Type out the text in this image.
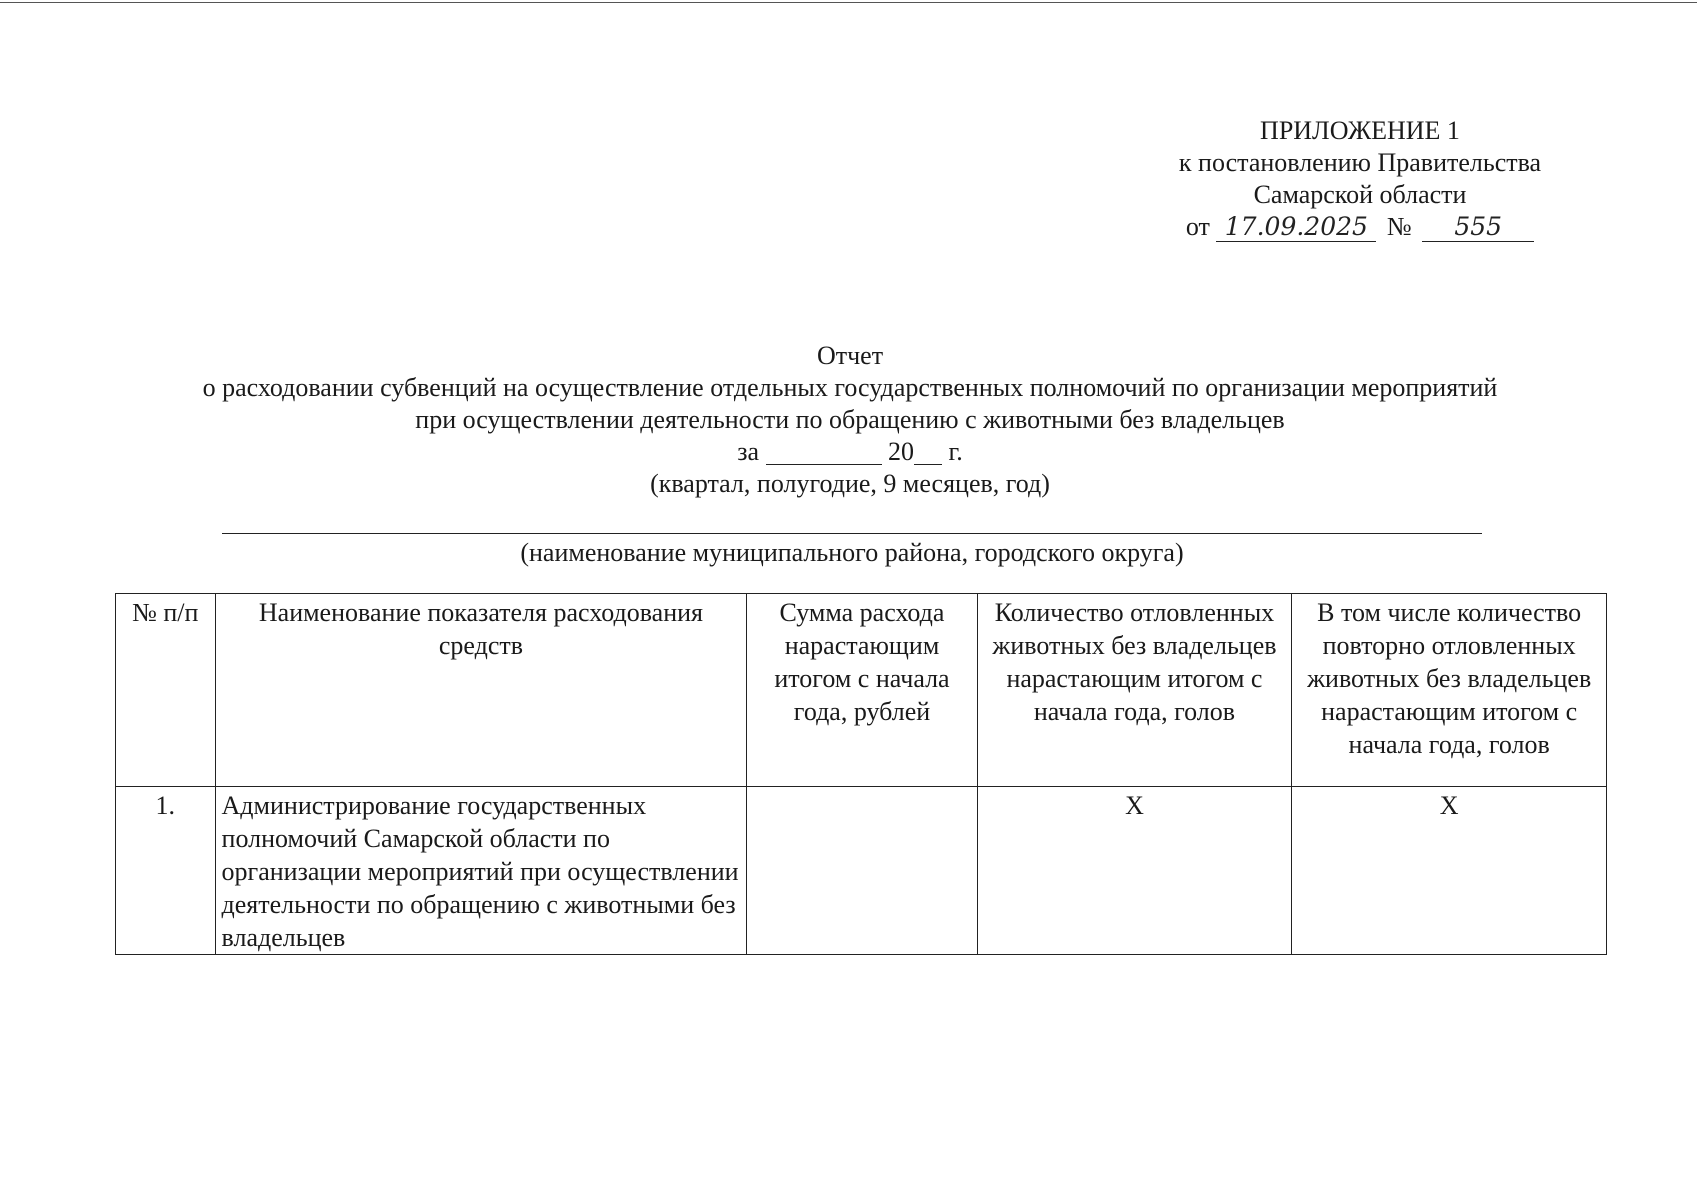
ПРИЛОЖЕНИЕ 1
к постановлению Правительства
Самарской области
от 17.09.2025 № 555
Отчет
о расходовании субвенций на осуществление отдельных государственных полномочий по организации мероприятий
при осуществлении деятельности по обращению с животными без владельцев
за	20 г.
(квартал, полугодие, 9 месяцев, год)
(наименование муниципального района, городского округа)
№ п/п	Наименование показателя расходования средств	Сумма расхода нарастающим итогом с начала года, рублей	Количество отловленных животных без владельцев нарастающим итогом с начала года, голов	В том числе количество повторно отловленных животных без владельцев нарастающим итогом с начала года, голов
1.	Администрирование государственных полномочий Самарской области по организации мероприятий при осуществлении деятельности по обращению с животными без владельцев		X	X
